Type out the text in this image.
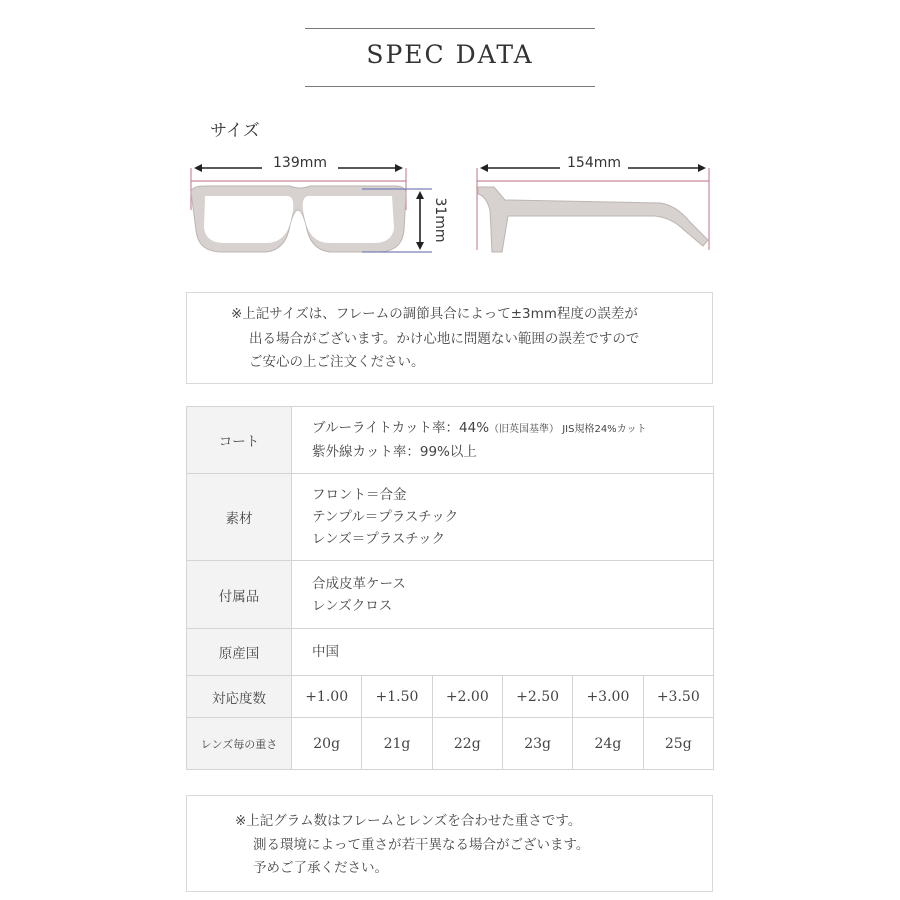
SPEC DATA
サイズ
139mm
31mm
154mm
※上記サイズは、フレームの調節具合によって±3mm程度の誤差が
出る場合がございます。かけ心地に問題ない範囲の誤差ですので
ご安心の上ご注文ください。
コート	ブルーライトカット率：44%（旧英国基準） JIS規格24%カット
紫外線カット率：99%以上					

素材	フロント＝合金
テンプル＝プラスチック
レンズ＝プラスチック					

付属品	合成皮革ケース
レンズクロス					

原産国	中国					
対応度数	+1.00	+1.50	+2.00	+2.50	+3.00	+3.50
レンズ毎の重さ	20g	21g	22g	23g	24g	25g
※上記グラム数はフレームとレンズを合わせた重さです。
測る環境によって重さが若干異なる場合がございます。
予めご了承ください。
